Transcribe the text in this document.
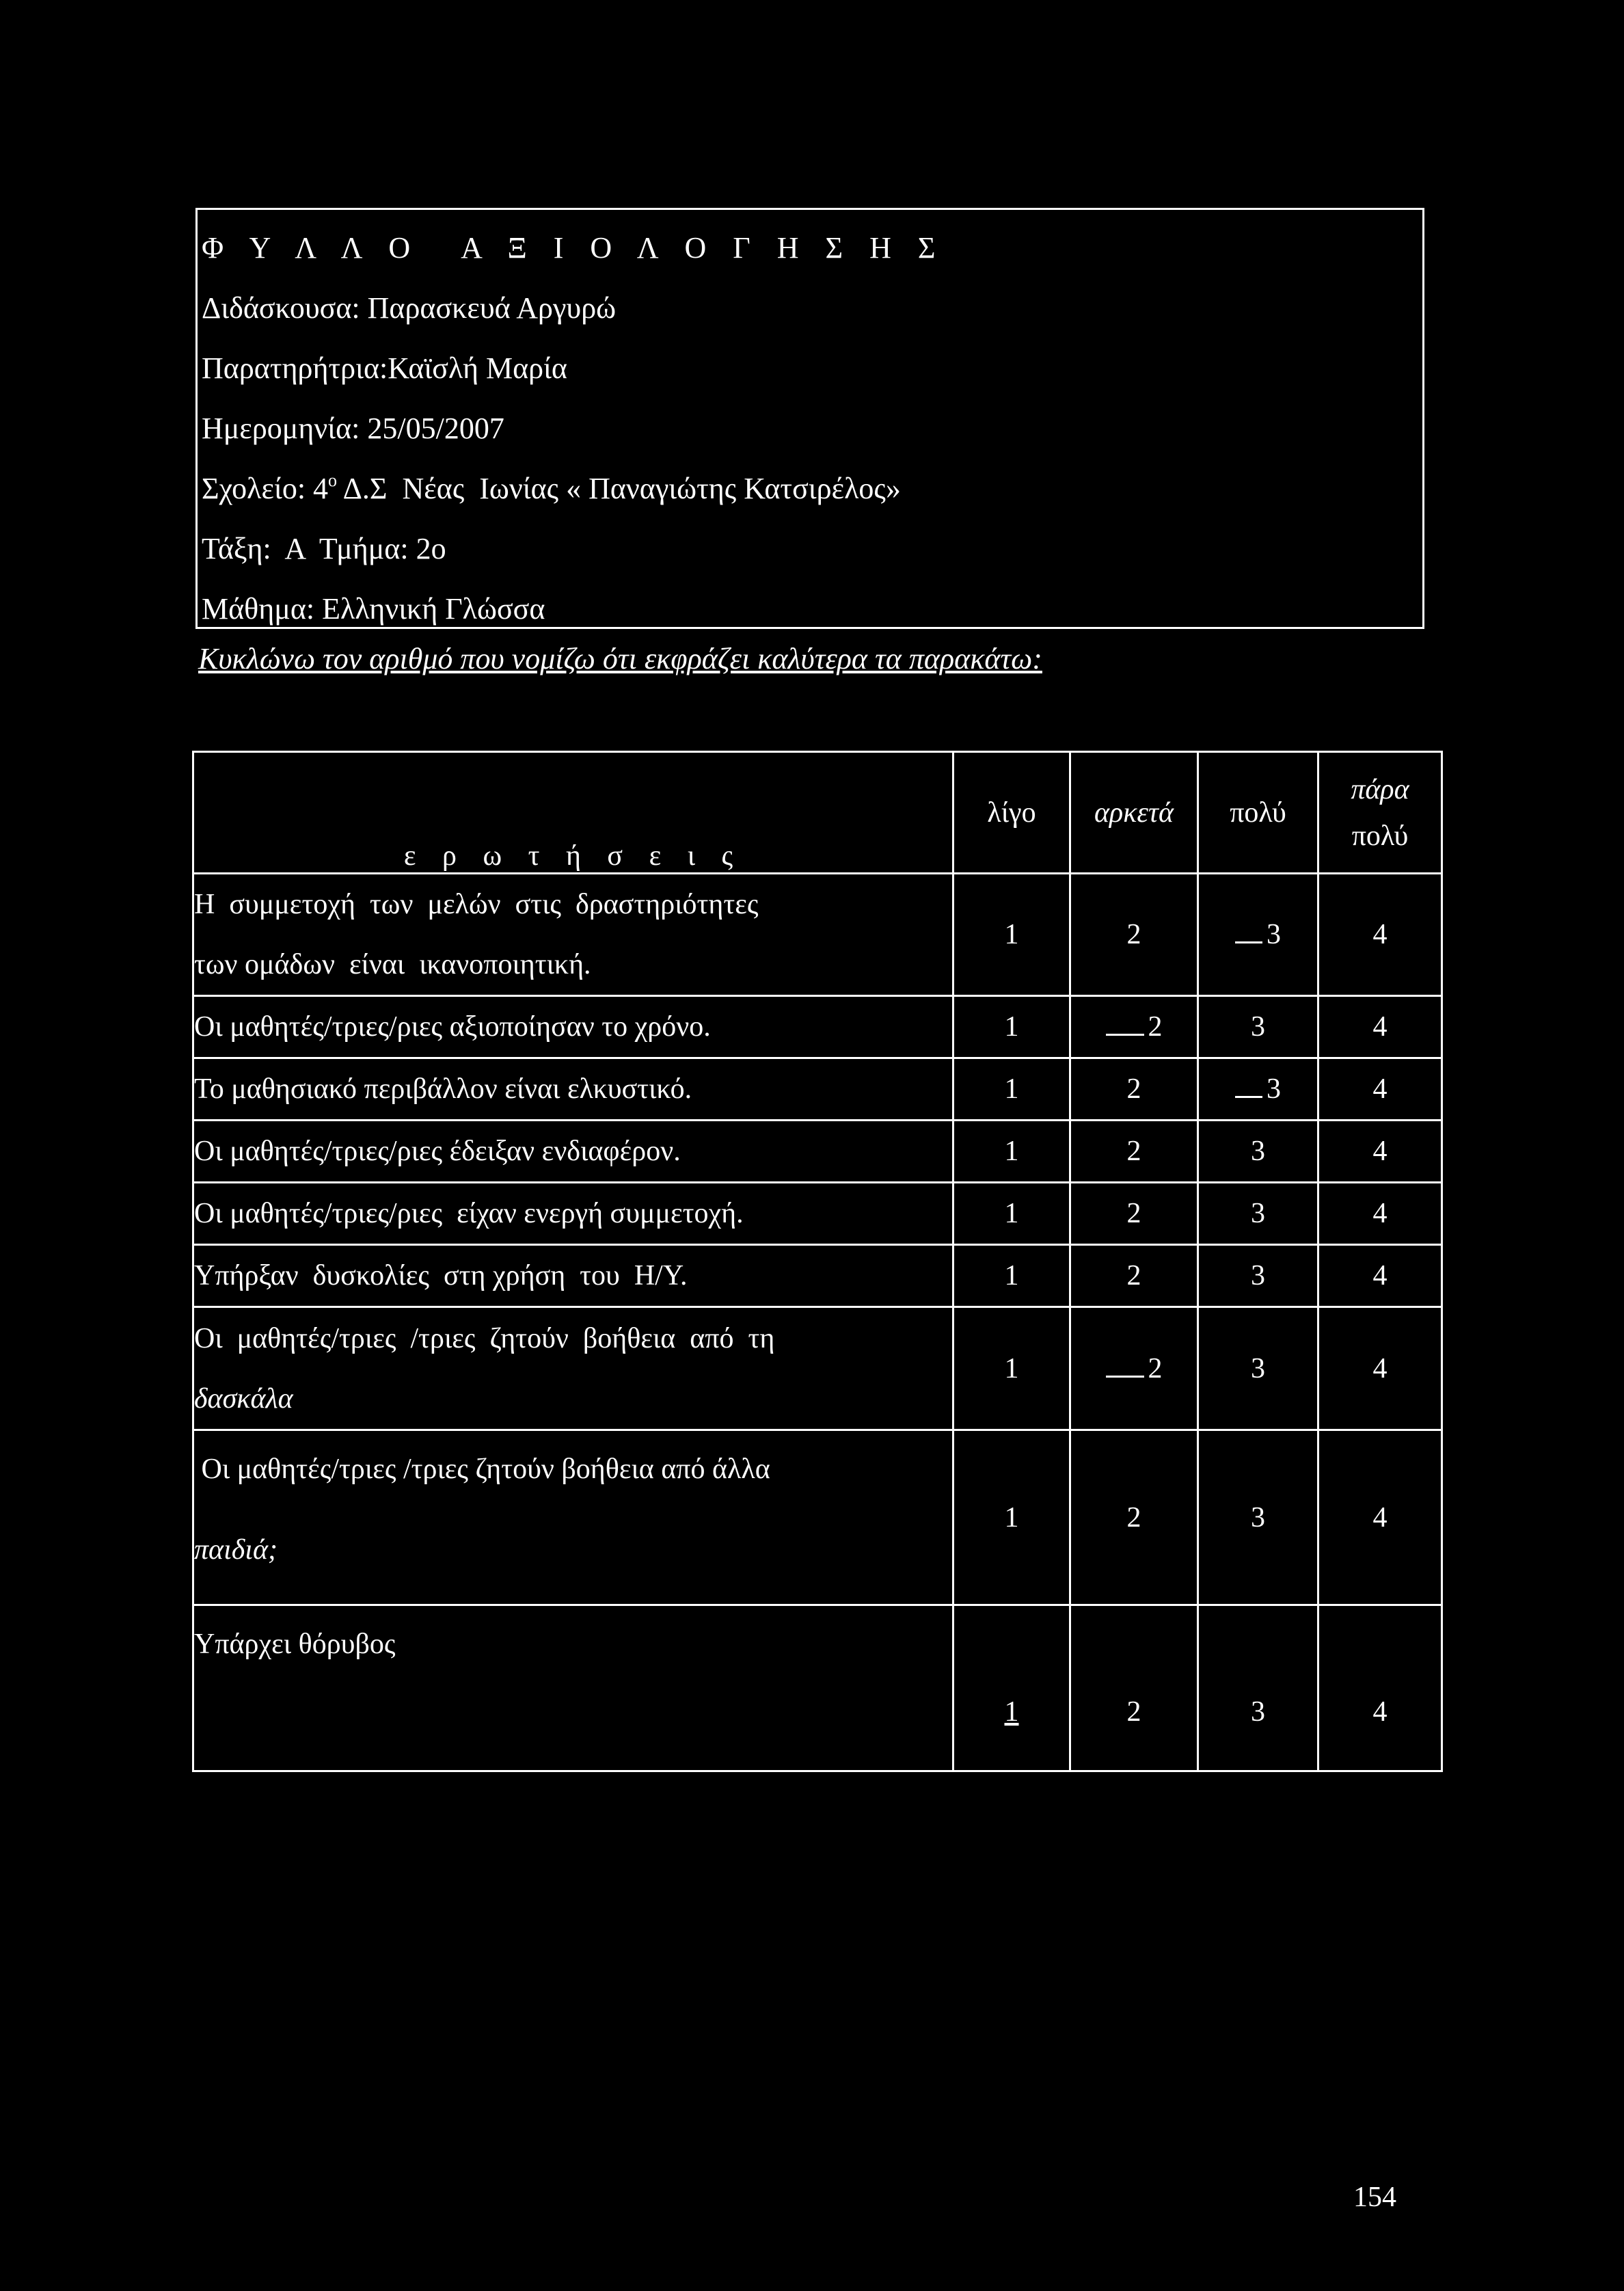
Φ Υ Λ Λ Ο Α Ξ Ι Ο Λ Ο Γ Η Σ Η Σ
Διδάσκουσα: Παρασκευά Αργυρώ
Παρατηρήτρια:Καϊσλή Μαρία
Ημερομηνία: 25/05/2007
Σχολείο: $4^o$ Δ.Σ  Νέας  Ιωνίας « Παναγιώτης Κατσιρέλος»
Τάξη:  Α  Τμήμα: 2ο
Μάθημα: Ελληνική Γλώσσα
Κυκλώνω τον αριθμό που νομίζω ότι εκφράζει καλύτερα τα παρακάτω:
ε ρ ω τ ή σ ε ι ς	λίγο	αρκετά	πολύ	πάρα
πολύ

Η  συμμετοχή  των  μελών  στις  δραστηριότητες
των ομάδων  είναι  ικανοποιητική.	1	2	3	4
Οι μαθητές/τριες/ριες αξιοποίησαν το χρόνο.	1	2	3	4
Το μαθησιακό περιβάλλον είναι ελκυστικό.	1	2	3	4
Οι μαθητές/τριες/ριες έδειξαν ενδιαφέρον.	1	2	3	4
Οι μαθητές/τριες/ριες  είχαν ενεργή συμμετοχή.	1	2	3	4
Υπήρξαν  δυσκολίες  στη χρήση  του  Η/Υ.	1	2	3	4

Οι  μαθητές/τριες  /τριες  ζητούν  βοήθεια  από  τη
δασκάλα	1	2	3	4

Οι μαθητές/τριες /τριες ζητούν βοήθεια από άλλα
παιδιά;	1	2	3	4
Υπάρχει θόρυβος	1	2	3	4
154
